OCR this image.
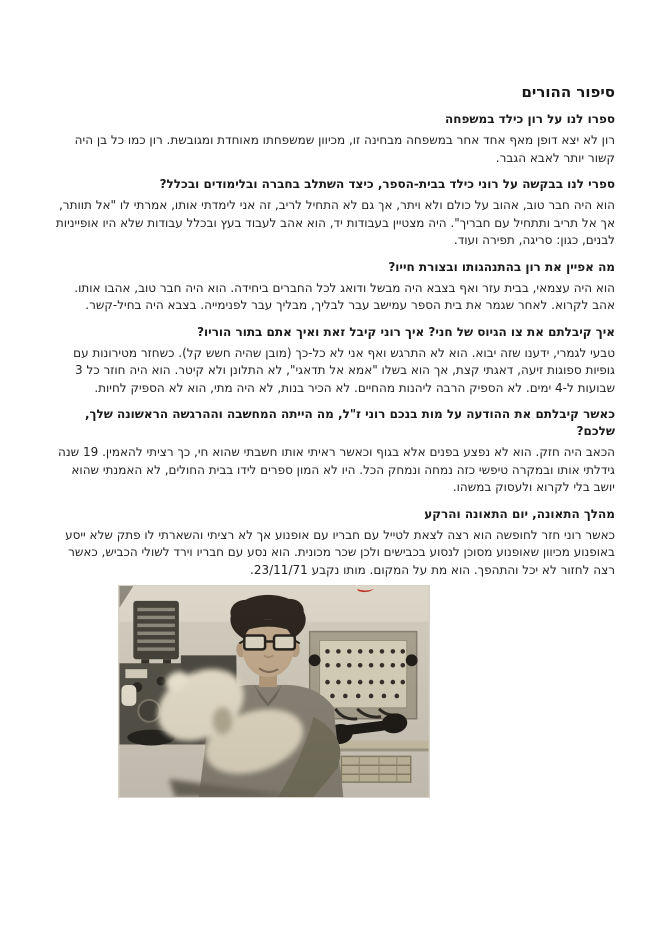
סיפור ההורים
ספרו לנו על רון כילד במשפחה

רון לא יצא דופן מאף אחד אחר במשפחה מבחינה זו, מכיוון שמשפחתו מאוחדת ומגובשת. רון כמו כל בן היה קשור יותר לאבא הגבר.

ספרי לנו בבקשה על רוני כילד בבית-הספר, כיצד השתלב בחברה ובלימודים ובכלל?

הוא היה חבר טוב, אהוב על כולם ולא ויתר, אך גם לא התחיל לריב, זה אני לימדתי אותו, אמרתי לו "אל תוותר, אך אל תריב ותתחיל עם חבריך". היה מצטיין בעבודות יד, הוא אהב לעבוד בעץ ובכלל עבודות שלא היו אופייניות לבנים, כגון: סריגה, תפירה ועוד.

מה אפיין את רון בהתנהגותו ובצורת חייו?

הוא היה עצמאי, בבית עזר ואף בצבא היה מבשל ודואג לכל החברים ביחידה. הוא היה חבר טוב, אהבו אותו. אהב לקרוא. לאחר שגמר את בית הספר עמישב עבר לבליך, מבליך עבר לפנימייה. בצבא היה בחיל-קשר.

איך קיבלתם את צו הגיוס של חני? איך רוני קיבל זאת ואיך אתם בתור הוריו?

טבעי לגמרי, ידענו שזה יבוא. הוא לא התרגש ואף אני לא כל-כך (מובן שהיה חשש קל). כשחזר מטירונות עם גופיות ספוגות זיעה, דאגתי קצת, אך הוא בשלו "אמא אל תדאגי", לא התלונן ולא קיטר. הוא היה חוזר כל 3 שבועות ל-4 ימים. לא הספיק הרבה ליהנות מהחיים. לא הכיר בנות, לא היה מתי, הוא לא הספיק לחיות.

כאשר קיבלתם את ההודעה על מות בנכם רוני ז"ל, מה הייתה המחשבה וההרגשה הראשונה שלך, שלכם?

הכאב היה חזק. הוא לא נפצע בפנים אלא בגוף וכאשר ראיתי אותו חשבתי שהוא חי, כך רציתי להאמין. 19 שנה גידלתי אותו ובמקרה טיפשי כזה נמחה ונמחק הכל. היו לא המון ספרים לידו בבית החולים, לא האמנתי שהוא יושב בלי לקרוא ולעסוק במשהו.

מהלך התאונה, יום התאונה והרקע

כאשר רוני חזר לחופשה הוא רצה לצאת לטייל עם חבריו עם אופנוע אך לא רציתי והשארתי לו פתק שלא ייסע באופנוע מכיוון שאופנוע מסוכן לנסוע בכבישים ולכן שכר מכונית. הוא נסע עם חבריו וירד לשולי הכביש, כאשר רצה לחזור לא יכל והתהפך. הוא מת על המקום. מותו נקבע 23/11/71.
